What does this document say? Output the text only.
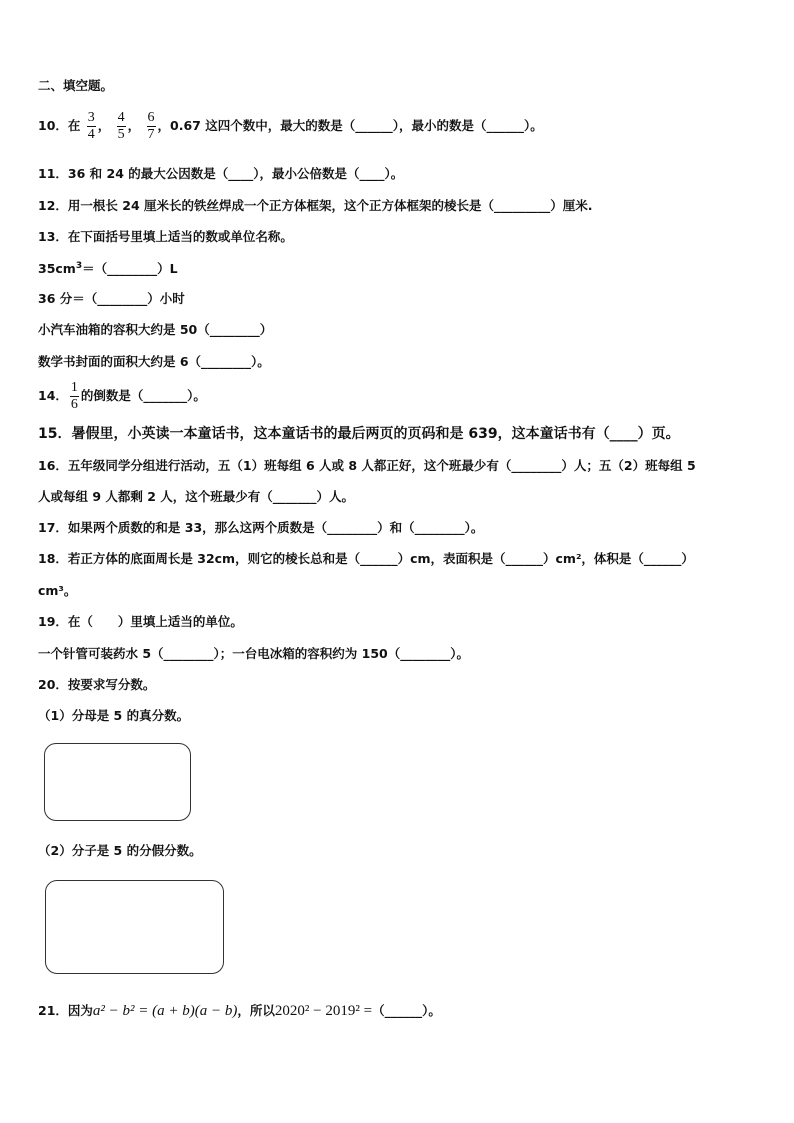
二、填空题。
10．在 $\frac{3}{4}$ ， $\frac{4}{5}$ ， $\frac{6}{7}$ ，0.67 这四个数中，最大的数是（______），最小的数是（______）。
11．36 和 24 的最大公因数是（____），最小公倍数是（____）。
12．用一根长 24 厘米长的铁丝焊成一个正方体框架，这个正方体框架的棱长是（_________）厘米.
13．在下面括号里填上适当的数或单位名称。
$35cm^3=(\_\_\_\_\_\_\_\_)L$
36 分＝（________）小时
小汽车油箱的容积大约是 50（________）
数学书封面的面积大约是 6（________）。
14． $\frac{1}{6}$ 的倒数是（_______）。
15．暑假里，小英读一本童话书，这本童话书的最后两页的页码和是 639，这本童话书有（____）页。
16．五年级同学分组进行活动，五（1）班每组 6 人或 8 人都正好，这个班最少有（________）人；五（2）班每组 5
人或每组 9 人都剩 2 人，这个班最少有（_______）人。
17．如果两个质数的和是 33，那么这两个质数是（________）和（________）。
18．若正方体的底面周长是 32cm，则它的棱长总和是（______）cm，表面积是（______）cm²，体积是（______）
cm³。
19．在（　　）里填上适当的单位。
一个针管可装药水 5（________）；一台电冰箱的容积约为 150（________）。
20．按要求写分数。
（1）分母是 5 的真分数。
（2）分子是 5 的分假分数。
21．因为a² − b² = (a + b)(a − b)，所以2020² − 2019² =（______）。
